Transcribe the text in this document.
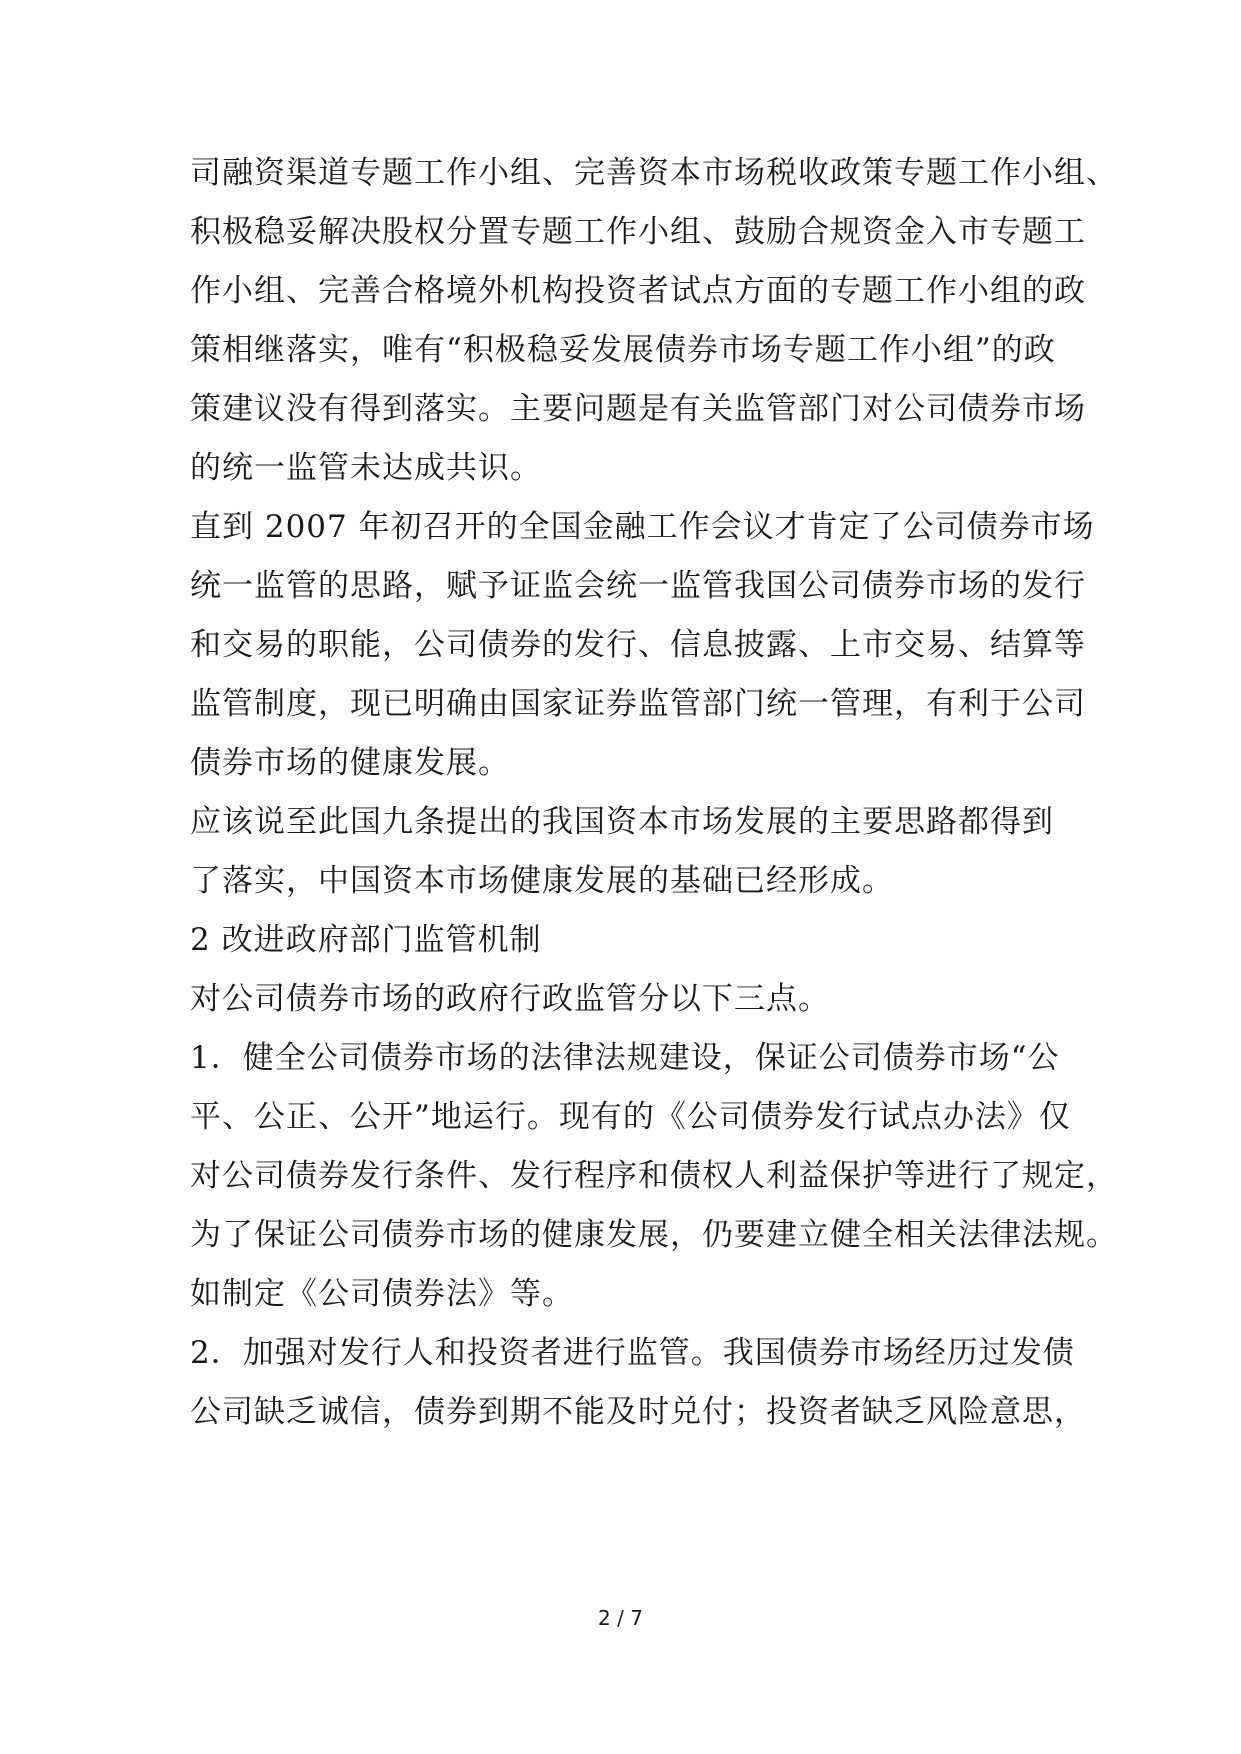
司融资渠道专题工作小组、完善资本市场税收政策专题工作小组、
积极稳妥解决股权分置专题工作小组、鼓励合规资金入市专题工
作小组、完善合格境外机构投资者试点方面的专题工作小组的政
策相继落实，唯有“积极稳妥发展债券市场专题工作小组”的政
策建议没有得到落实。主要问题是有关监管部门对公司债券市场
的统一监管未达成共识。
直到 2007 年初召开的全国金融工作会议才肯定了公司债券市场
统一监管的思路，赋予证监会统一监管我国公司债券市场的发行
和交易的职能，公司债券的发行、信息披露、上市交易、结算等
监管制度，现已明确由国家证券监管部门统一管理，有利于公司
债券市场的健康发展。
应该说至此国九条提出的我国资本市场发展的主要思路都得到
了落实，中国资本市场健康发展的基础已经形成。
2 改进政府部门监管机制
对公司债券市场的政府行政监管分以下三点。
1．健全公司债券市场的法律法规建设，保证公司债券市场“公
平、公正、公开”地运行。现有的《公司债券发行试点办法》仅
对公司债券发行条件、发行程序和债权人利益保护等进行了规定，
为了保证公司债券市场的健康发展，仍要建立健全相关法律法规。
如制定《公司债券法》等。
2．加强对发行人和投资者进行监管。我国债券市场经历过发债
公司缺乏诚信，债券到期不能及时兑付；投资者缺乏风险意思，
2 / 7
